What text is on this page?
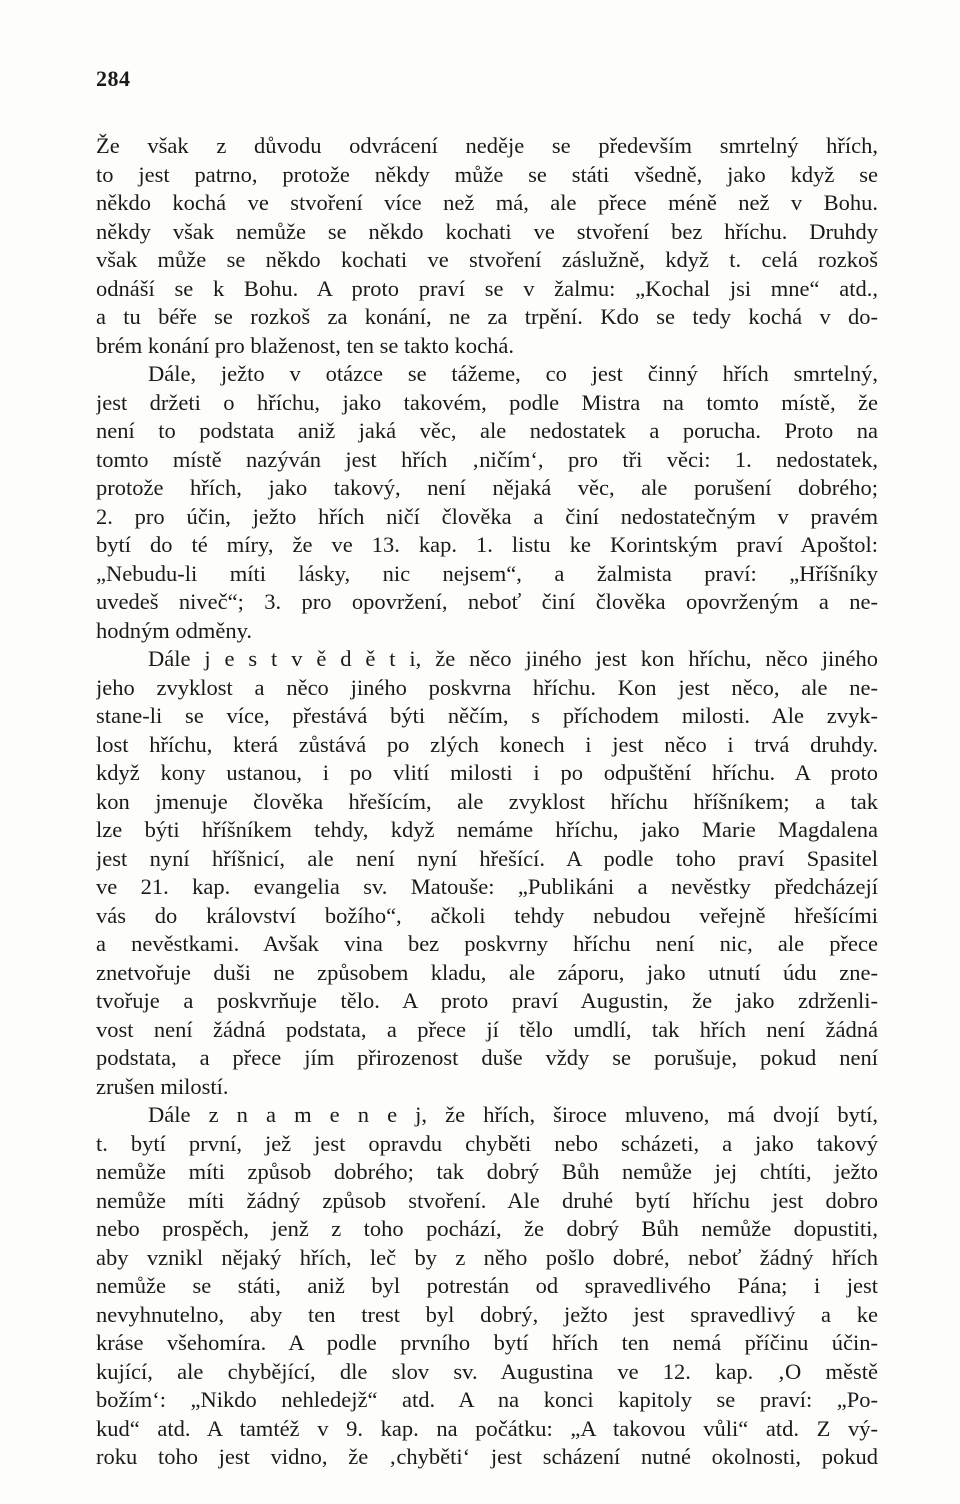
284
Že však z důvodu odvrácení neděje se především smrtelný hřích,
to jest patrno, protože někdy může se státi všedně, jako když se
někdo kochá ve stvoření více než má, ale přece méně než v Bohu.
někdy však nemůže se někdo kochati ve stvoření bez hříchu. Druhdy
však může se někdo kochati ve stvoření záslužně, když t. celá rozkoš
odnáší se k Bohu. A proto praví se v žalmu: „Kochal jsi mne“ atd.,
a tu béře se rozkoš za konání, ne za trpění. Kdo se tedy kochá v do-
brém konání pro blaženost, ten se takto kochá.
Dále, ježto v otázce se tážeme, co jest činný hřích smrtelný,
jest držeti o hříchu, jako takovém, podle Mistra na tomto místě, že
není to podstata aniž jaká věc, ale nedostatek a porucha. Proto na
tomto místě nazýván jest hřích ‚ničím‘, pro tři věci: 1. nedostatek,
protože hřích, jako takový, není nějaká věc, ale porušení dobrého;
2. pro účin, ježto hřích ničí člověka a činí nedostatečným v pravém
bytí do té míry, že ve 13. kap. 1. listu ke Korintským praví Apoštol:
„Nebudu-li míti lásky, nic nejsem“, a žalmista praví: „Hříšníky
uvedeš niveč“; 3. pro opovržení, neboť činí člověka opovrženým a ne-
hodným odměny.
Dále j e s t v ě d ě t i, že něco jiného jest kon hříchu, něco jiného
jeho zvyklost a něco jiného poskvrna hříchu. Kon jest něco, ale ne-
stane-li se více, přestává býti něčím, s příchodem milosti. Ale zvyk-
lost hříchu, která zůstává po zlých konech i jest něco i trvá druhdy.
když kony ustanou, i po vlití milosti i po odpuštění hříchu. A proto
kon jmenuje člověka hřešícím, ale zvyklost hříchu hříšníkem; a tak
lze býti hříšníkem tehdy, když nemáme hříchu, jako Marie Magdalena
jest nyní hříšnicí, ale není nyní hřešící. A podle toho praví Spasitel
ve 21. kap. evangelia sv. Matouše: „Publikáni a nevěstky předcházejí
vás do království božího“, ačkoli tehdy nebudou veřejně hřešícími
a nevěstkami. Avšak vina bez poskvrny hříchu není nic, ale přece
znetvořuje duši ne způsobem kladu, ale záporu, jako utnutí údu zne-
tvořuje a poskvrňuje tělo. A proto praví Augustin, že jako zdrženli-
vost není žádná podstata, a přece jí tělo umdlí, tak hřích není žádná
podstata, a přece jím přirozenost duše vždy se porušuje, pokud není
zrušen milostí.
Dále z n a m e n e j, že hřích, široce mluveno, má dvojí bytí,
t. bytí první, jež jest opravdu chyběti nebo scházeti, a jako takový
nemůže míti způsob dobrého; tak dobrý Bůh nemůže jej chtíti, ježto
nemůže míti žádný způsob stvoření. Ale druhé bytí hříchu jest dobro
nebo prospěch, jenž z toho pochází, že dobrý Bůh nemůže dopustiti,
aby vznikl nějaký hřích, leč by z něho pošlo dobré, neboť žádný hřích
nemůže se státi, aniž byl potrestán od spravedlivého Pána; i jest
nevyhnutelno, aby ten trest byl dobrý, ježto jest spravedlivý a ke
kráse všehomíra. A podle prvního bytí hřích ten nemá příčinu účin-
kující, ale chybějící, dle slov sv. Augustina ve 12. kap. ‚O městě
božím‘: „Nikdo nehledejž“ atd. A na konci kapitoly se praví: „Po-
kud“ atd. A tamtéž v 9. kap. na počátku: „A takovou vůli“ atd. Z vý-
roku toho jest vidno, že ‚chyběti‘ jest scházení nutné okolnosti, pokud
